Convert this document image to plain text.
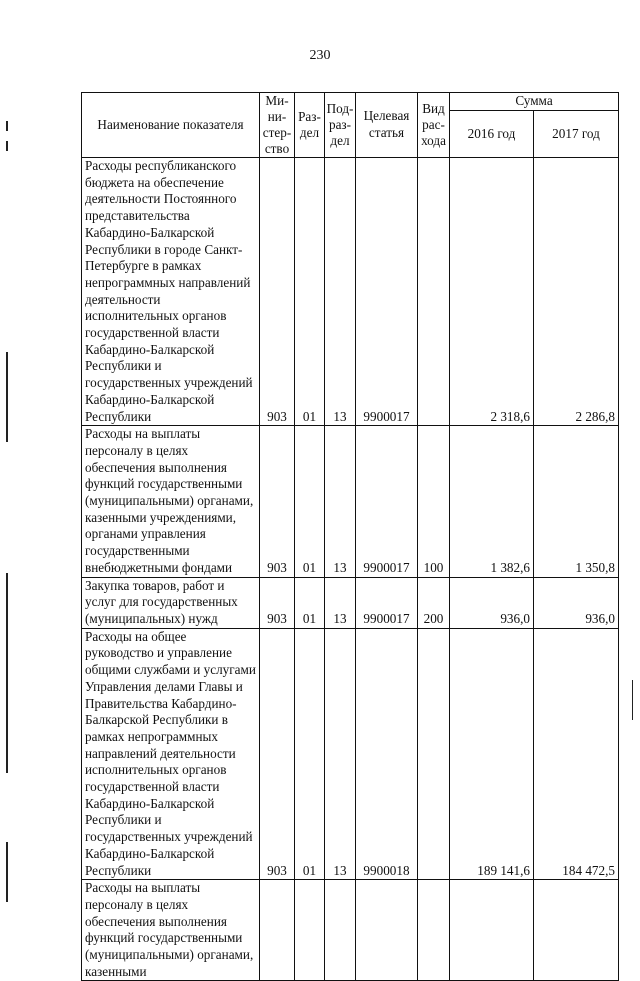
230
Наименование показателя	Ми-ни-стер-ство	Раз-дел	Под-раз-дел	Целевая статья	Вид рас-хода	Сумма	
						2016 год	2017 год
Расходы республиканского бюджета на обеспечение деятельности Постоянного представительства Кабардино-Балкарской Республики в городе Санкт-Петербурге в рамках непрограммных направлений деятельности исполнительных органов государственной власти Кабардино-Балкарской Республики и государственных учреждений Кабардино-Балкарской Республики	903	01	13	9900017		2 318,6	2 286,8
Расходы на выплаты персоналу в целях обеспечения выполнения функций государственными (муниципальными) органами, казенными учреждениями, органами управления государственными внебюджетными фондами	903	01	13	9900017	100	1 382,6	1 350,8
Закупка товаров, работ и услуг для государственных (муниципальных) нужд	903	01	13	9900017	200	936,0	936,0
Расходы на общее руководство и управление общими службами и услугами Управления делами Главы и Правительства Кабардино-Балкарской Республики в рамках непрограммных направлений деятельности исполнительных органов государственной власти Кабардино-Балкарской Республики и государственных учреждений Кабардино-Балкарской Республики	903	01	13	9900018		189 141,6	184 472,5
Расходы на выплаты персоналу в целях обеспечения выполнения функций государственными (муниципальными) органами, казенными							
